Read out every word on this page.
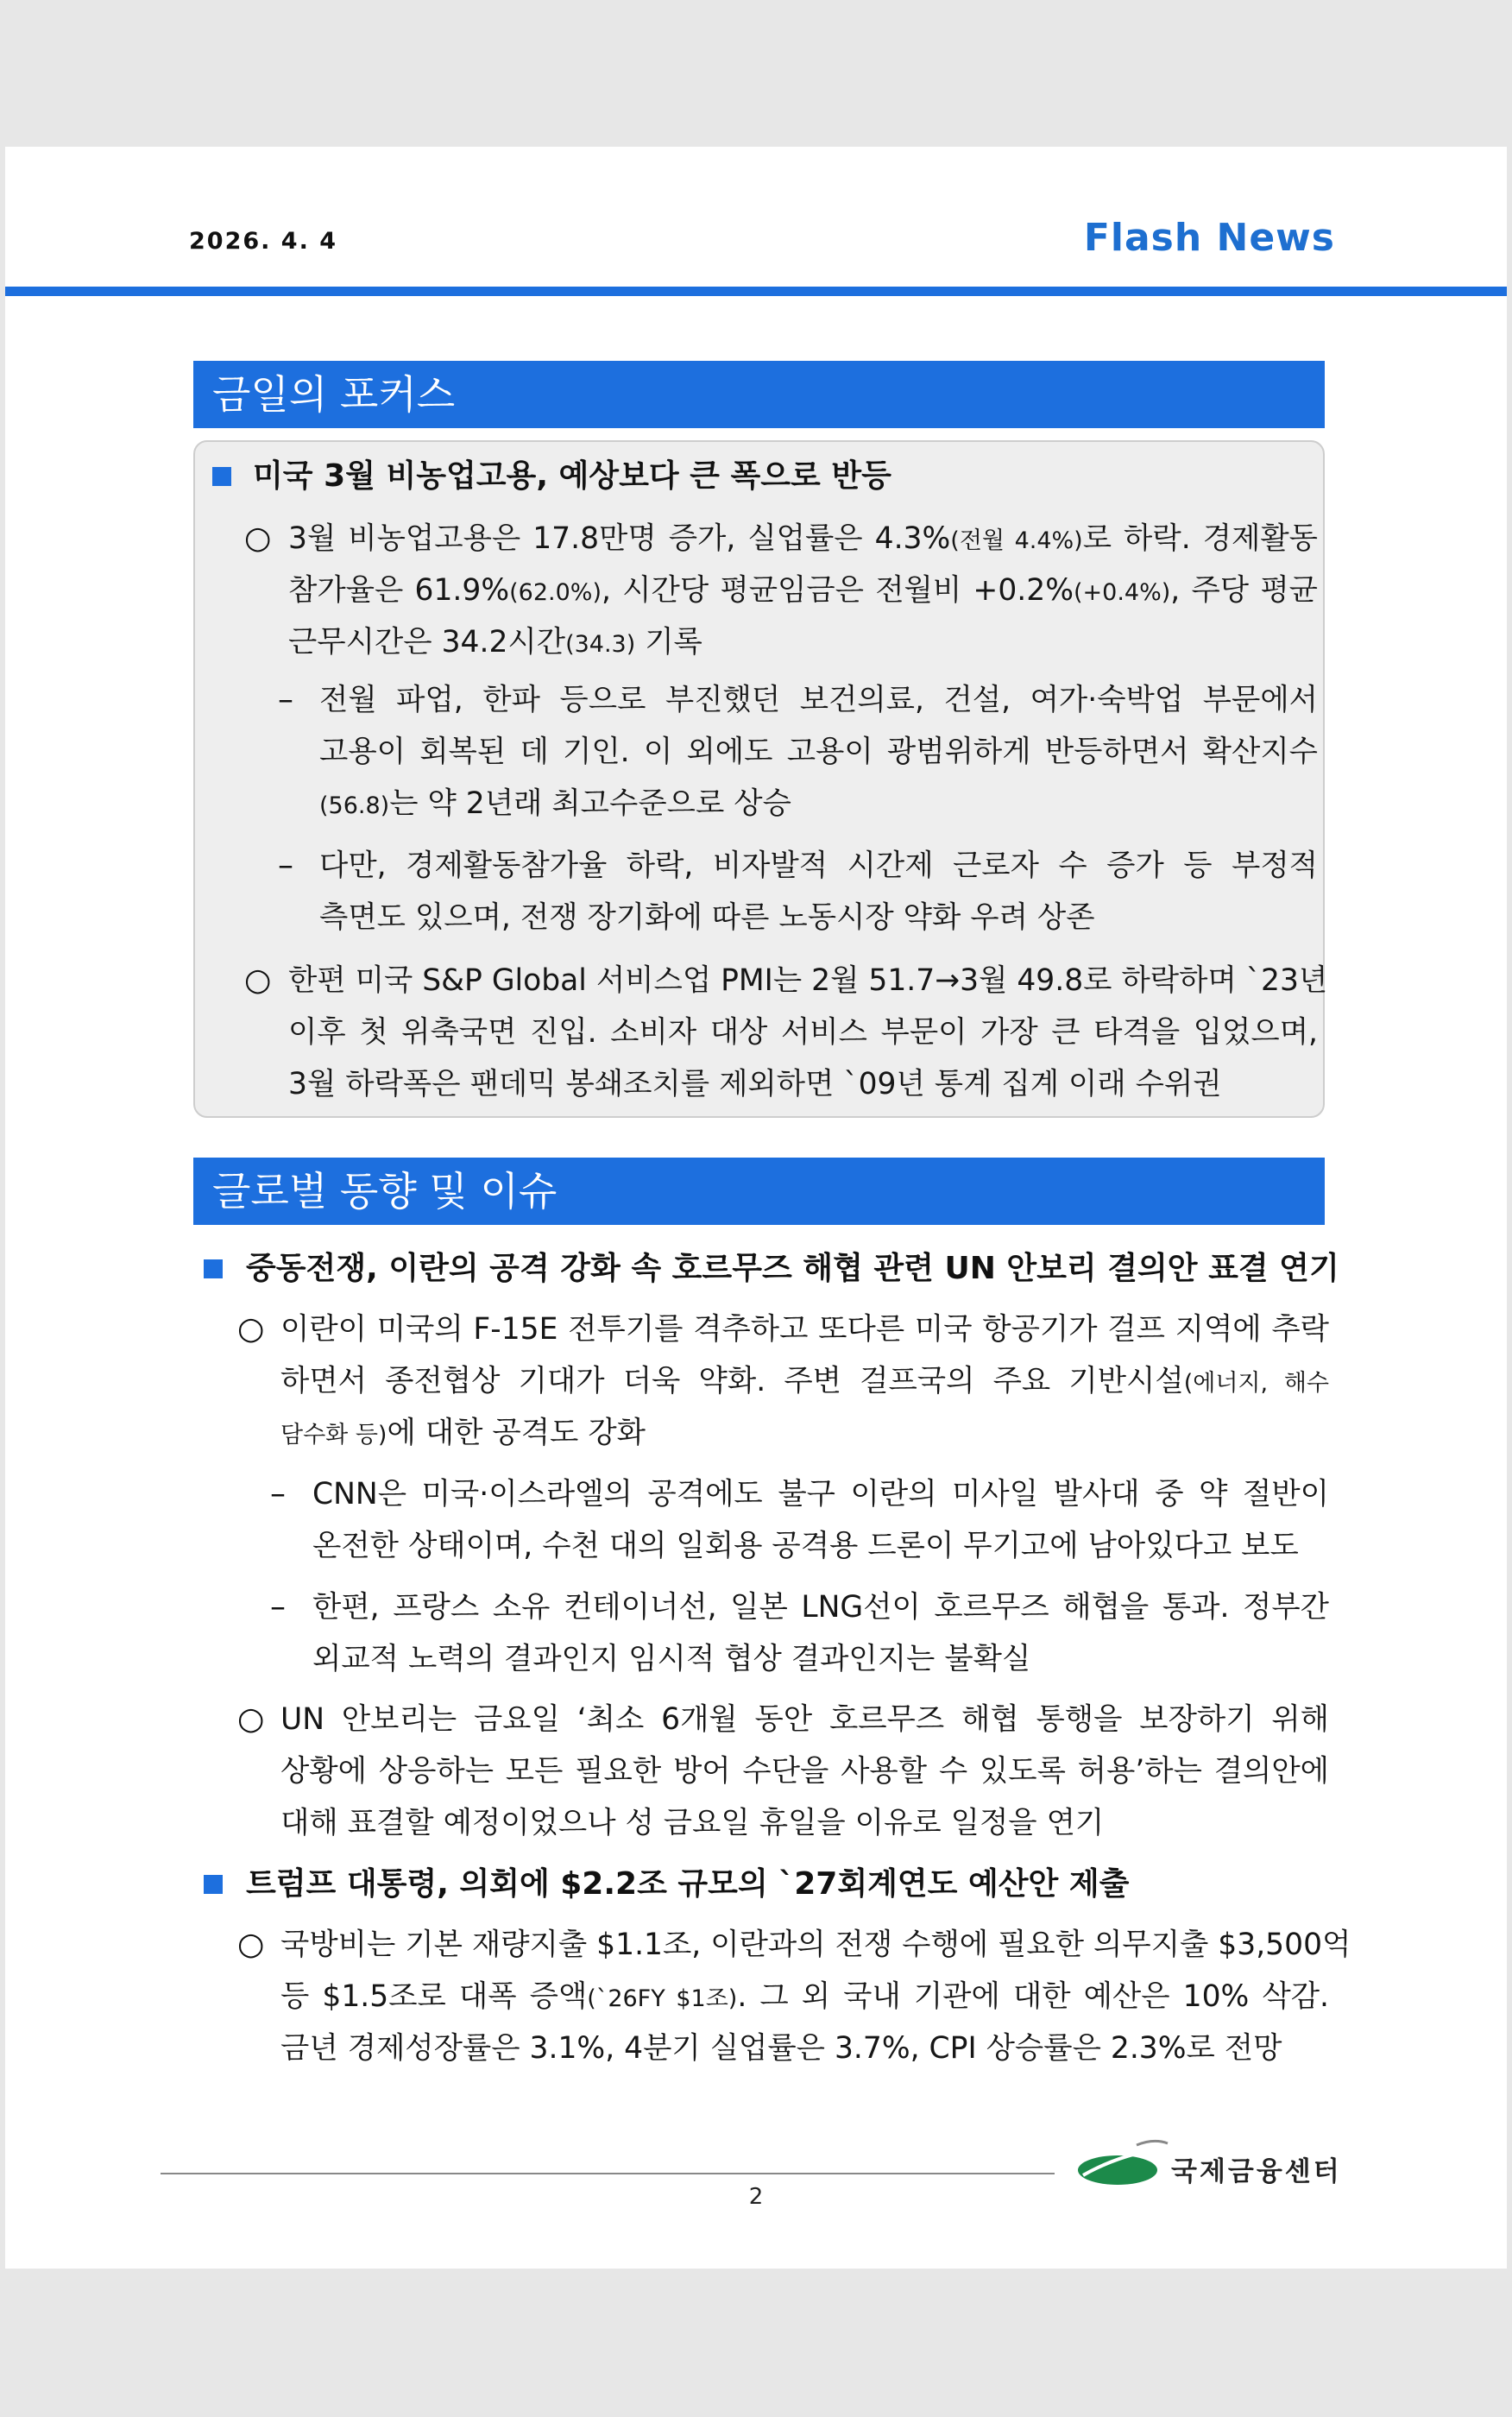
2026. 4. 4	Flash News
금일의 포커스
미국 3월 비농업고용, 예상보다 큰 폭으로 반등
○ 3월 비농업고용은 17.8만명 증가, 실업률은 4.3%(전월 4.4%)로 하락. 경제활동
참가율은 61.9%(62.0%), 시간당 평균임금은 전월비 +0.2%(+0.4%), 주당 평균
근무시간은 34.2시간(34.3) 기록
– 전월 파업, 한파 등으로 부진했던 보건의료, 건설, 여가·숙박업 부문에서
고용이 회복된 데 기인. 이 외에도 고용이 광범위하게 반등하면서 확산지수
(56.8)는 약 2년래 최고수준으로 상승
– 다만, 경제활동참가율 하락, 비자발적 시간제 근로자 수 증가 등 부정적
측면도 있으며, 전쟁 장기화에 따른 노동시장 약화 우려 상존
○ 한편 미국 S&P Global 서비스업 PMI는 2월 51.7→3월 49.8로 하락하며 `23년
이후 첫 위축국면 진입. 소비자 대상 서비스 부문이 가장 큰 타격을 입었으며,
3월 하락폭은 팬데믹 봉쇄조치를 제외하면 `09년 통계 집계 이래 수위권
글로벌 동향 및 이슈
중동전쟁, 이란의 공격 강화 속 호르무즈 해협 관련 UN 안보리 결의안 표결 연기
○ 이란이 미국의 F-15E 전투기를 격추하고 또다른 미국 항공기가 걸프 지역에 추락
하면서 종전협상 기대가 더욱 약화. 주변 걸프국의 주요 기반시설(에너지, 해수
담수화 등)에 대한 공격도 강화
– CNN은 미국·이스라엘의 공격에도 불구 이란의 미사일 발사대 중 약 절반이
온전한 상태이며, 수천 대의 일회용 공격용 드론이 무기고에 남아있다고 보도
– 한편, 프랑스 소유 컨테이너선, 일본 LNG선이 호르무즈 해협을 통과. 정부간
외교적 노력의 결과인지 임시적 협상 결과인지는 불확실
○ UN 안보리는 금요일 ‘최소 6개월 동안 호르무즈 해협 통행을 보장하기 위해
상황에 상응하는 모든 필요한 방어 수단을 사용할 수 있도록 허용’하는 결의안에
대해 표결할 예정이었으나 성 금요일 휴일을 이유로 일정을 연기
트럼프 대통령, 의회에 $2.2조 규모의 `27회계연도 예산안 제출
○ 국방비는 기본 재량지출 $1.1조, 이란과의 전쟁 수행에 필요한 의무지출 $3,500억
등 $1.5조로 대폭 증액(`26FY $1조). 그 외 국내 기관에 대한 예산은 10% 삭감.
금년 경제성장률은 3.1%, 4분기 실업률은 3.7%, CPI 상승률은 2.3%로 전망
국제금융센터
2
